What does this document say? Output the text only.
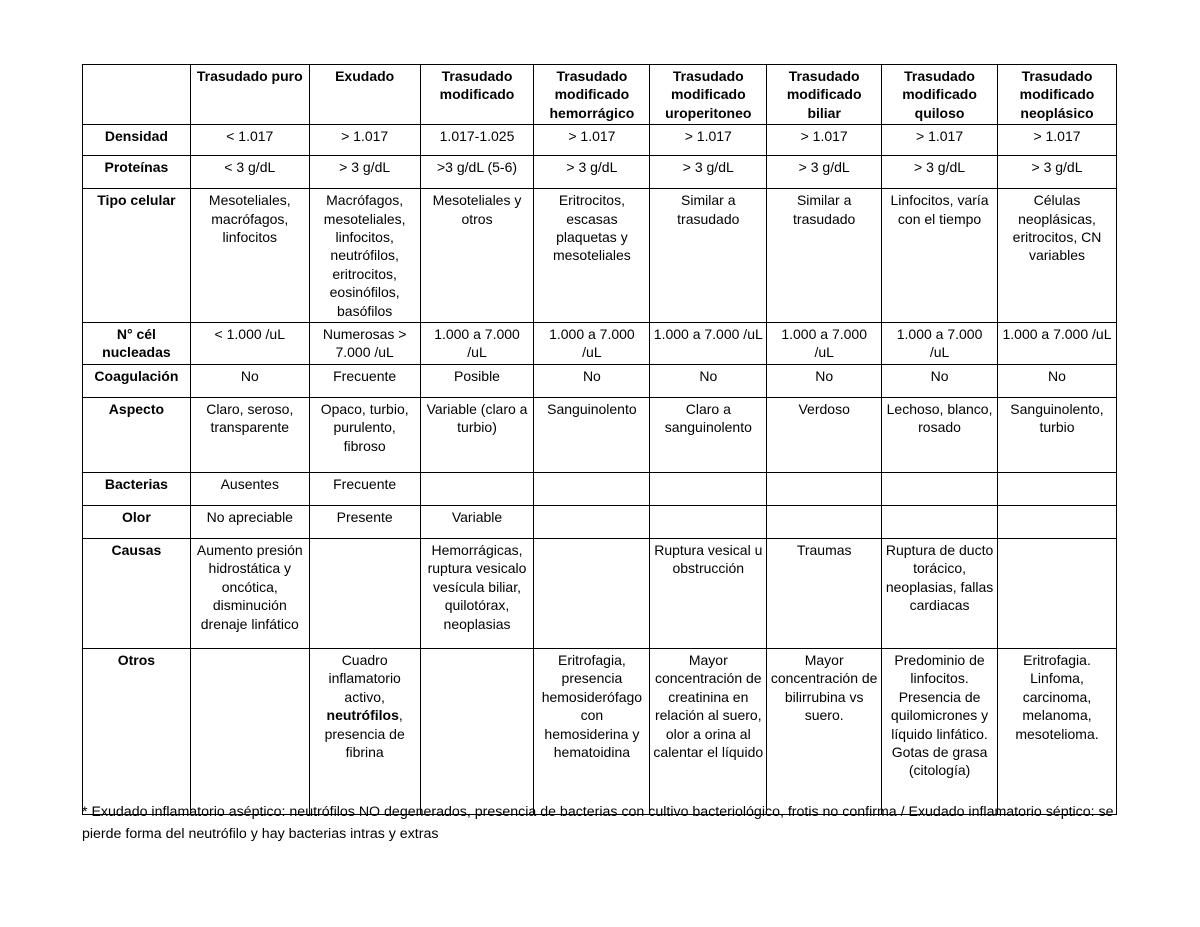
	Trasudado puro	Exudado	Trasudado modificado	Trasudado modificado hemorrágico	Trasudado modificado uroperitoneo	Trasudado modificado biliar	Trasudado modificado quiloso	Trasudado modificado neoplásico
Densidad	< 1.017	> 1.017	1.017-1.025	> 1.017	> 1.017	> 1.017	> 1.017	> 1.017
Proteínas	< 3 g/dL	> 3 g/dL	>3 g/dL (5-6)	> 3 g/dL	> 3 g/dL	> 3 g/dL	> 3 g/dL	> 3 g/dL
Tipo celular	Mesoteliales, macrófagos, linfocitos	Macrófagos, mesoteliales, linfocitos, neutrófilos, eritrocitos, eosinófilos, basófilos	Mesoteliales y otros	Eritrocitos, escasas plaquetas y mesoteliales	Similar a trasudado	Similar a trasudado	Linfocitos, varía con el tiempo	Células neoplásicas, eritrocitos, CN variables
N° cél nucleadas	< 1.000 /uL	Numerosas > 7.000 /uL	1.000 a 7.000 /uL	1.000 a 7.000 /uL	1.000 a 7.000 /uL	1.000 a 7.000 /uL	1.000 a 7.000 /uL	1.000 a 7.000 /uL
Coagulación	No	Frecuente	Posible	No	No	No	No	No
Aspecto	Claro, seroso, transparente	Opaco, turbio, purulento, fibroso	Variable (claro a turbio)	Sanguinolento	Claro a sanguinolento	Verdoso	Lechoso, blanco, rosado	Sanguinolento, turbio
Bacterias	Ausentes	Frecuente						
Olor	No apreciable	Presente	Variable					
Causas	Aumento presión hidrostática y oncótica, disminución drenaje linfático		Hemorrágicas, ruptura vesicalo vesícula biliar, quilotórax, neoplasias		Ruptura vesical u obstrucción	Traumas	Ruptura de ducto torácico, neoplasias, fallas cardiacas	
Otros		Cuadro inflamatorio activo, neutrófilos, presencia de fibrina		Eritrofagia, presencia hemosiderófago con hemosiderina y hematoidina	Mayor concentración de creatinina en relación al suero, olor a orina al calentar el líquido	Mayor concentración de bilirrubina vs suero.	Predominio de linfocitos. Presencia de quilomicrones y líquido linfático. Gotas de grasa (citología)	Eritrofagia. Linfoma, carcinoma, melanoma, mesotelioma.
* Exudado inflamatorio aséptico: neutrófilos NO degenerados, presencia de bacterias con cultivo bacteriológico, frotis no confirma / Exudado inflamatorio séptico: se pierde forma del neutrófilo y hay bacterias intras y extras
